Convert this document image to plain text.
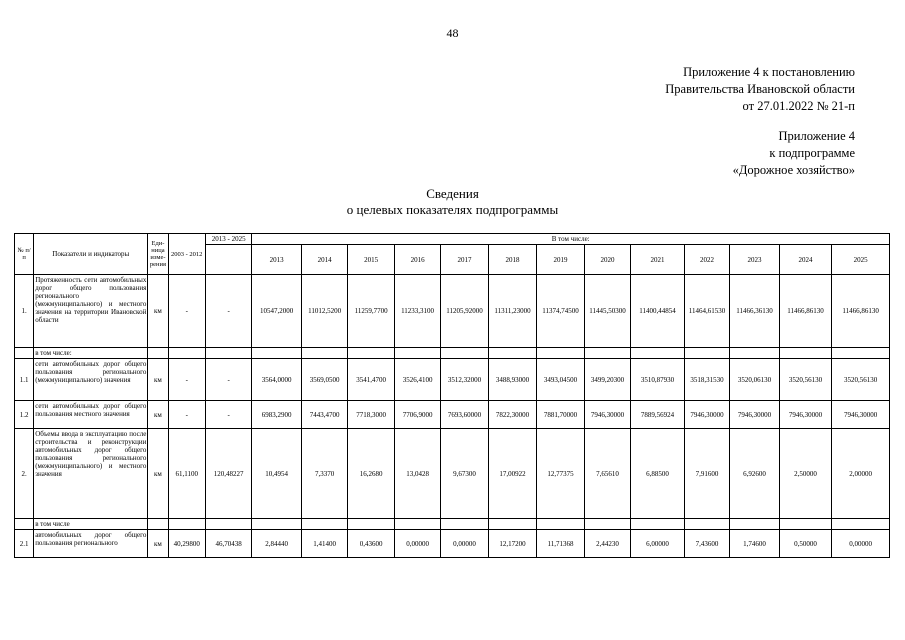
48
Приложение 4 к постановлению
Правительства Ивановской области
от 27.01.2022 № 21-п
Приложение 4
к подпрограмме
«Дорожное хозяйство»
Сведения
о целевых показателях подпрограммы
№ п/п	Показатели и индикаторы	Еди-ница изме-рения	2003 - 2012	2013 - 2025	В том числе:												
					2013	2014	2015	2016	2017	2018	2019	2020	2021	2022	2023	2024	2025
1.	Протяженность сети автомобильных дорог общего пользования регионального (межмуниципального) и местного значения на территории Ивановской области	км	-	-	10547,2000	11012,5200	11259,7700	11233,3100	11205,92000	11311,23000	11374,74500	11445,50300	11400,44854	11464,61530	11466,36130	11466,86130	11466,86130
	в том числе:																
1.1	сети автомобильных дорог общего пользования регионального (межмуниципального) значения	км	-	-	3564,0000	3569,0500	3541,4700	3526,4100	3512,32000	3488,93000	3493,04500	3499,20300	3510,87930	3518,31530	3520,06130	3520,56130	3520,56130
1.2	сети автомобильных дорог общего пользования местного значения	км	-	-	6983,2900	7443,4700	7718,3000	7706,9000	7693,60000	7822,30000	7881,70000	7946,30000	7889,56924	7946,30000	7946,30000	7946,30000	7946,30000
2.	Объемы ввода в эксплуатацию после строительства и реконструкции автомобильных дорог общего пользования регионального (межмуниципального) и местного значения	км	61,1100	120,48227	10,4954	7,3370	16,2680	13,0428	9,67300	17,00922	12,77375	7,65610	6,88500	7,91600	6,92600	2,50000	2,00000
	в том числе																
2.1	автомобильных дорог общего пользования регионального	км	40,29800	46,70438	2,84440	1,41400	0,43600	0,00000	0,00000	12,17200	11,71368	2,44230	6,00000	7,43600	1,74600	0,50000	0,00000
